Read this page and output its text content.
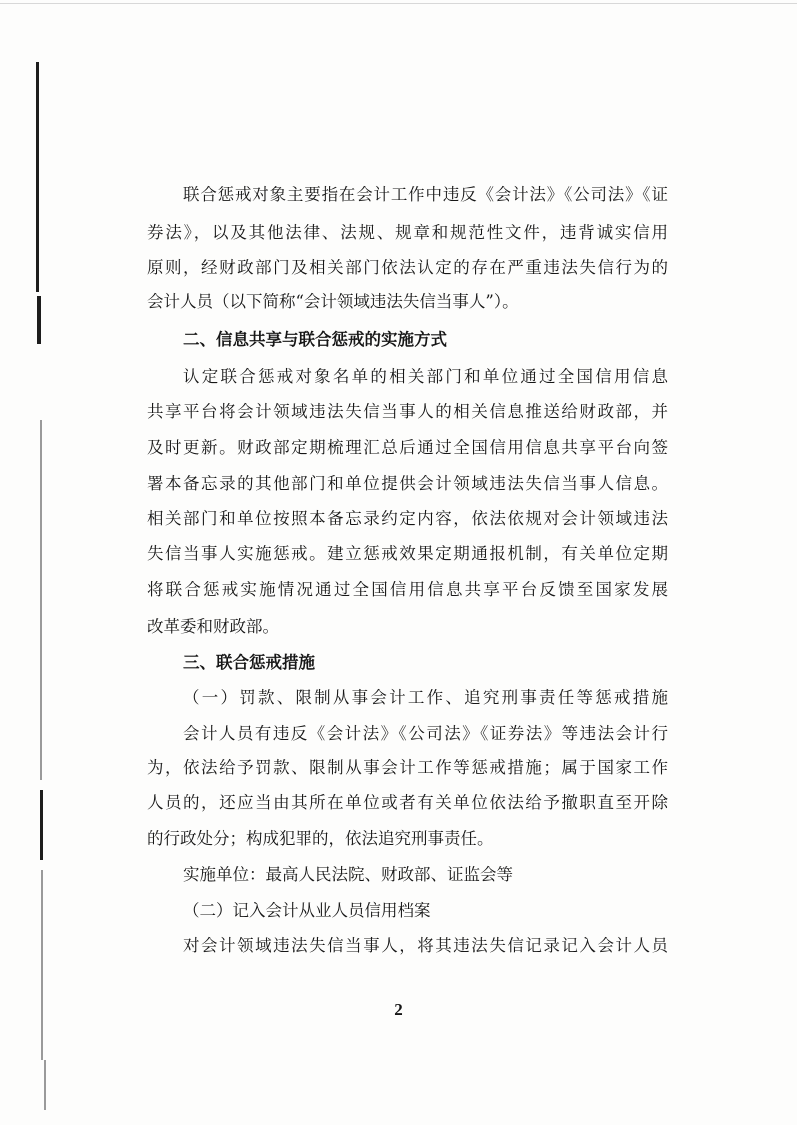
联合惩戒对象主要指在会计工作中违反《会计法》《公司法》《证
券法》，以及其他法律、法规、规章和规范性文件，违背诚实信用
原则，经财政部门及相关部门依法认定的存在严重违法失信行为的
会计人员（以下简称“会计领域违法失信当事人”）。
二、信息共享与联合惩戒的实施方式
认定联合惩戒对象名单的相关部门和单位通过全国信用信息
共享平台将会计领域违法失信当事人的相关信息推送给财政部，并
及时更新。财政部定期梳理汇总后通过全国信用信息共享平台向签
署本备忘录的其他部门和单位提供会计领域违法失信当事人信息。
相关部门和单位按照本备忘录约定内容，依法依规对会计领域违法
失信当事人实施惩戒。建立惩戒效果定期通报机制，有关单位定期
将联合惩戒实施情况通过全国信用信息共享平台反馈至国家发展
改革委和财政部。
三、联合惩戒措施
（一）罚款、限制从事会计工作、追究刑事责任等惩戒措施
会计人员有违反《会计法》《公司法》《证券法》等违法会计行
为，依法给予罚款、限制从事会计工作等惩戒措施；属于国家工作
人员的，还应当由其所在单位或者有关单位依法给予撤职直至开除
的行政处分；构成犯罪的，依法追究刑事责任。
实施单位：最高人民法院、财政部、证监会等
（二）记入会计从业人员信用档案
对会计领域违法失信当事人，将其违法失信记录记入会计人员
2
